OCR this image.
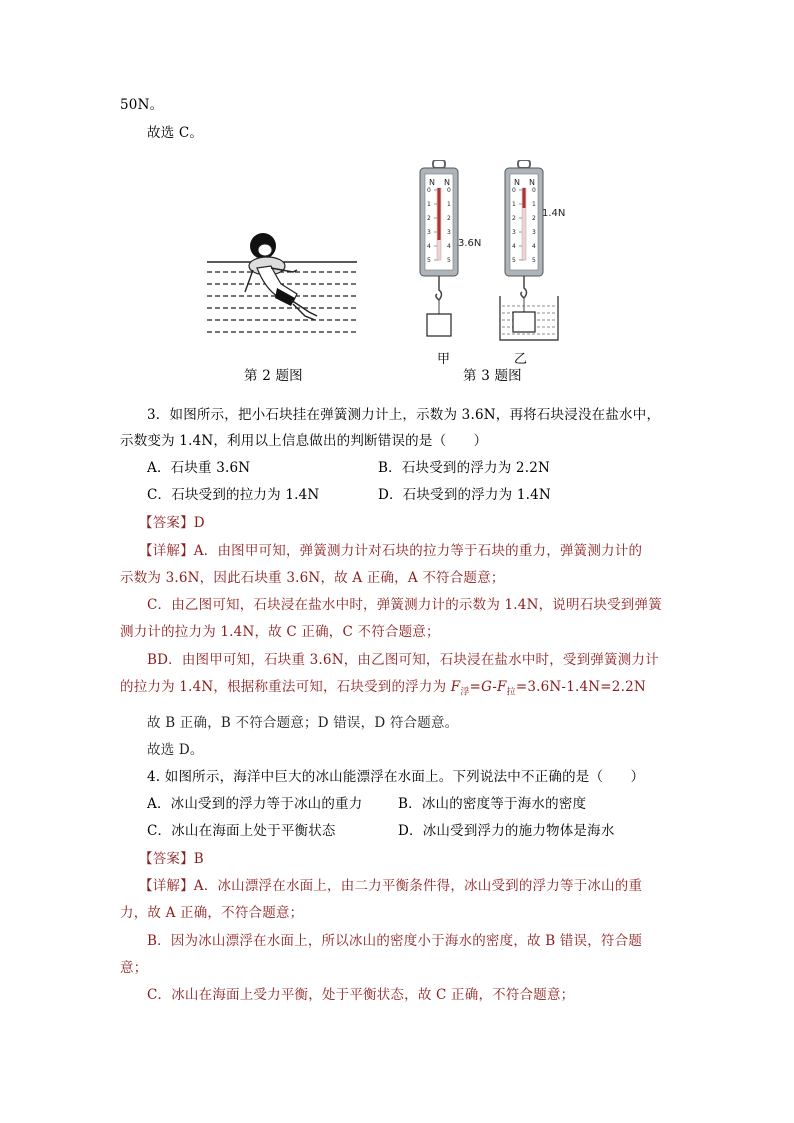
50N。
故选 C。
N N
0
1
2
3
4
5
0
1
2
3
4
5
3.6N
N N
0
1
2
3
4
5
0
1
2
3
4
5
1.4N
甲	乙
第 2 题图	第 3 题图
3．如图所示，把小石块挂在弹簧测力计上，示数为 3.6N，再将石块浸没在盐水中，
示数变为 1.4N，利用以上信息做出的判断错误的是（　　）
A．石块重 3.6N	B．石块受到的浮力为 2.2N
C．石块受到的拉力为 1.4N	D．石块受到的浮力为 1.4N
【答案】D
【详解】A．由图甲可知，弹簧测力计对石块的拉力等于石块的重力，弹簧测力计的
示数为 3.6N，因此石块重 3.6N，故 A 正确，A 不符合题意；
C．由乙图可知，石块浸在盐水中时，弹簧测力计的示数为 1.4N，说明石块受到弹簧
测力计的拉力为 1.4N，故 C 正确，C 不符合题意；
BD．由图甲可知，石块重 3.6N，由乙图可知，石块浸在盐水中时，受到弹簧测力计
的拉力为 1.4N，根据称重法可知，石块受到的浮力为 $F_浮=G-F_拉=3.6N-1.4N=2.2N$
故 B 正确，B 不符合题意；D 错误，D 符合题意。
故选 D。
4. 如图所示，海洋中巨大的冰山能漂浮在水面上。下列说法中不正确的是（　　）
A．冰山受到的浮力等于冰山的重力	B．冰山的密度等于海水的密度
C．冰山在海面上处于平衡状态	D．冰山受到浮力的施力物体是海水
【答案】B
【详解】A．冰山漂浮在水面上，由二力平衡条件得，冰山受到的浮力等于冰山的重
力，故 A 正确，不符合题意；
B．因为冰山漂浮在水面上，所以冰山的密度小于海水的密度，故 B 错误，符合题
意；
C．冰山在海面上受力平衡，处于平衡状态，故 C 正确，不符合题意；
